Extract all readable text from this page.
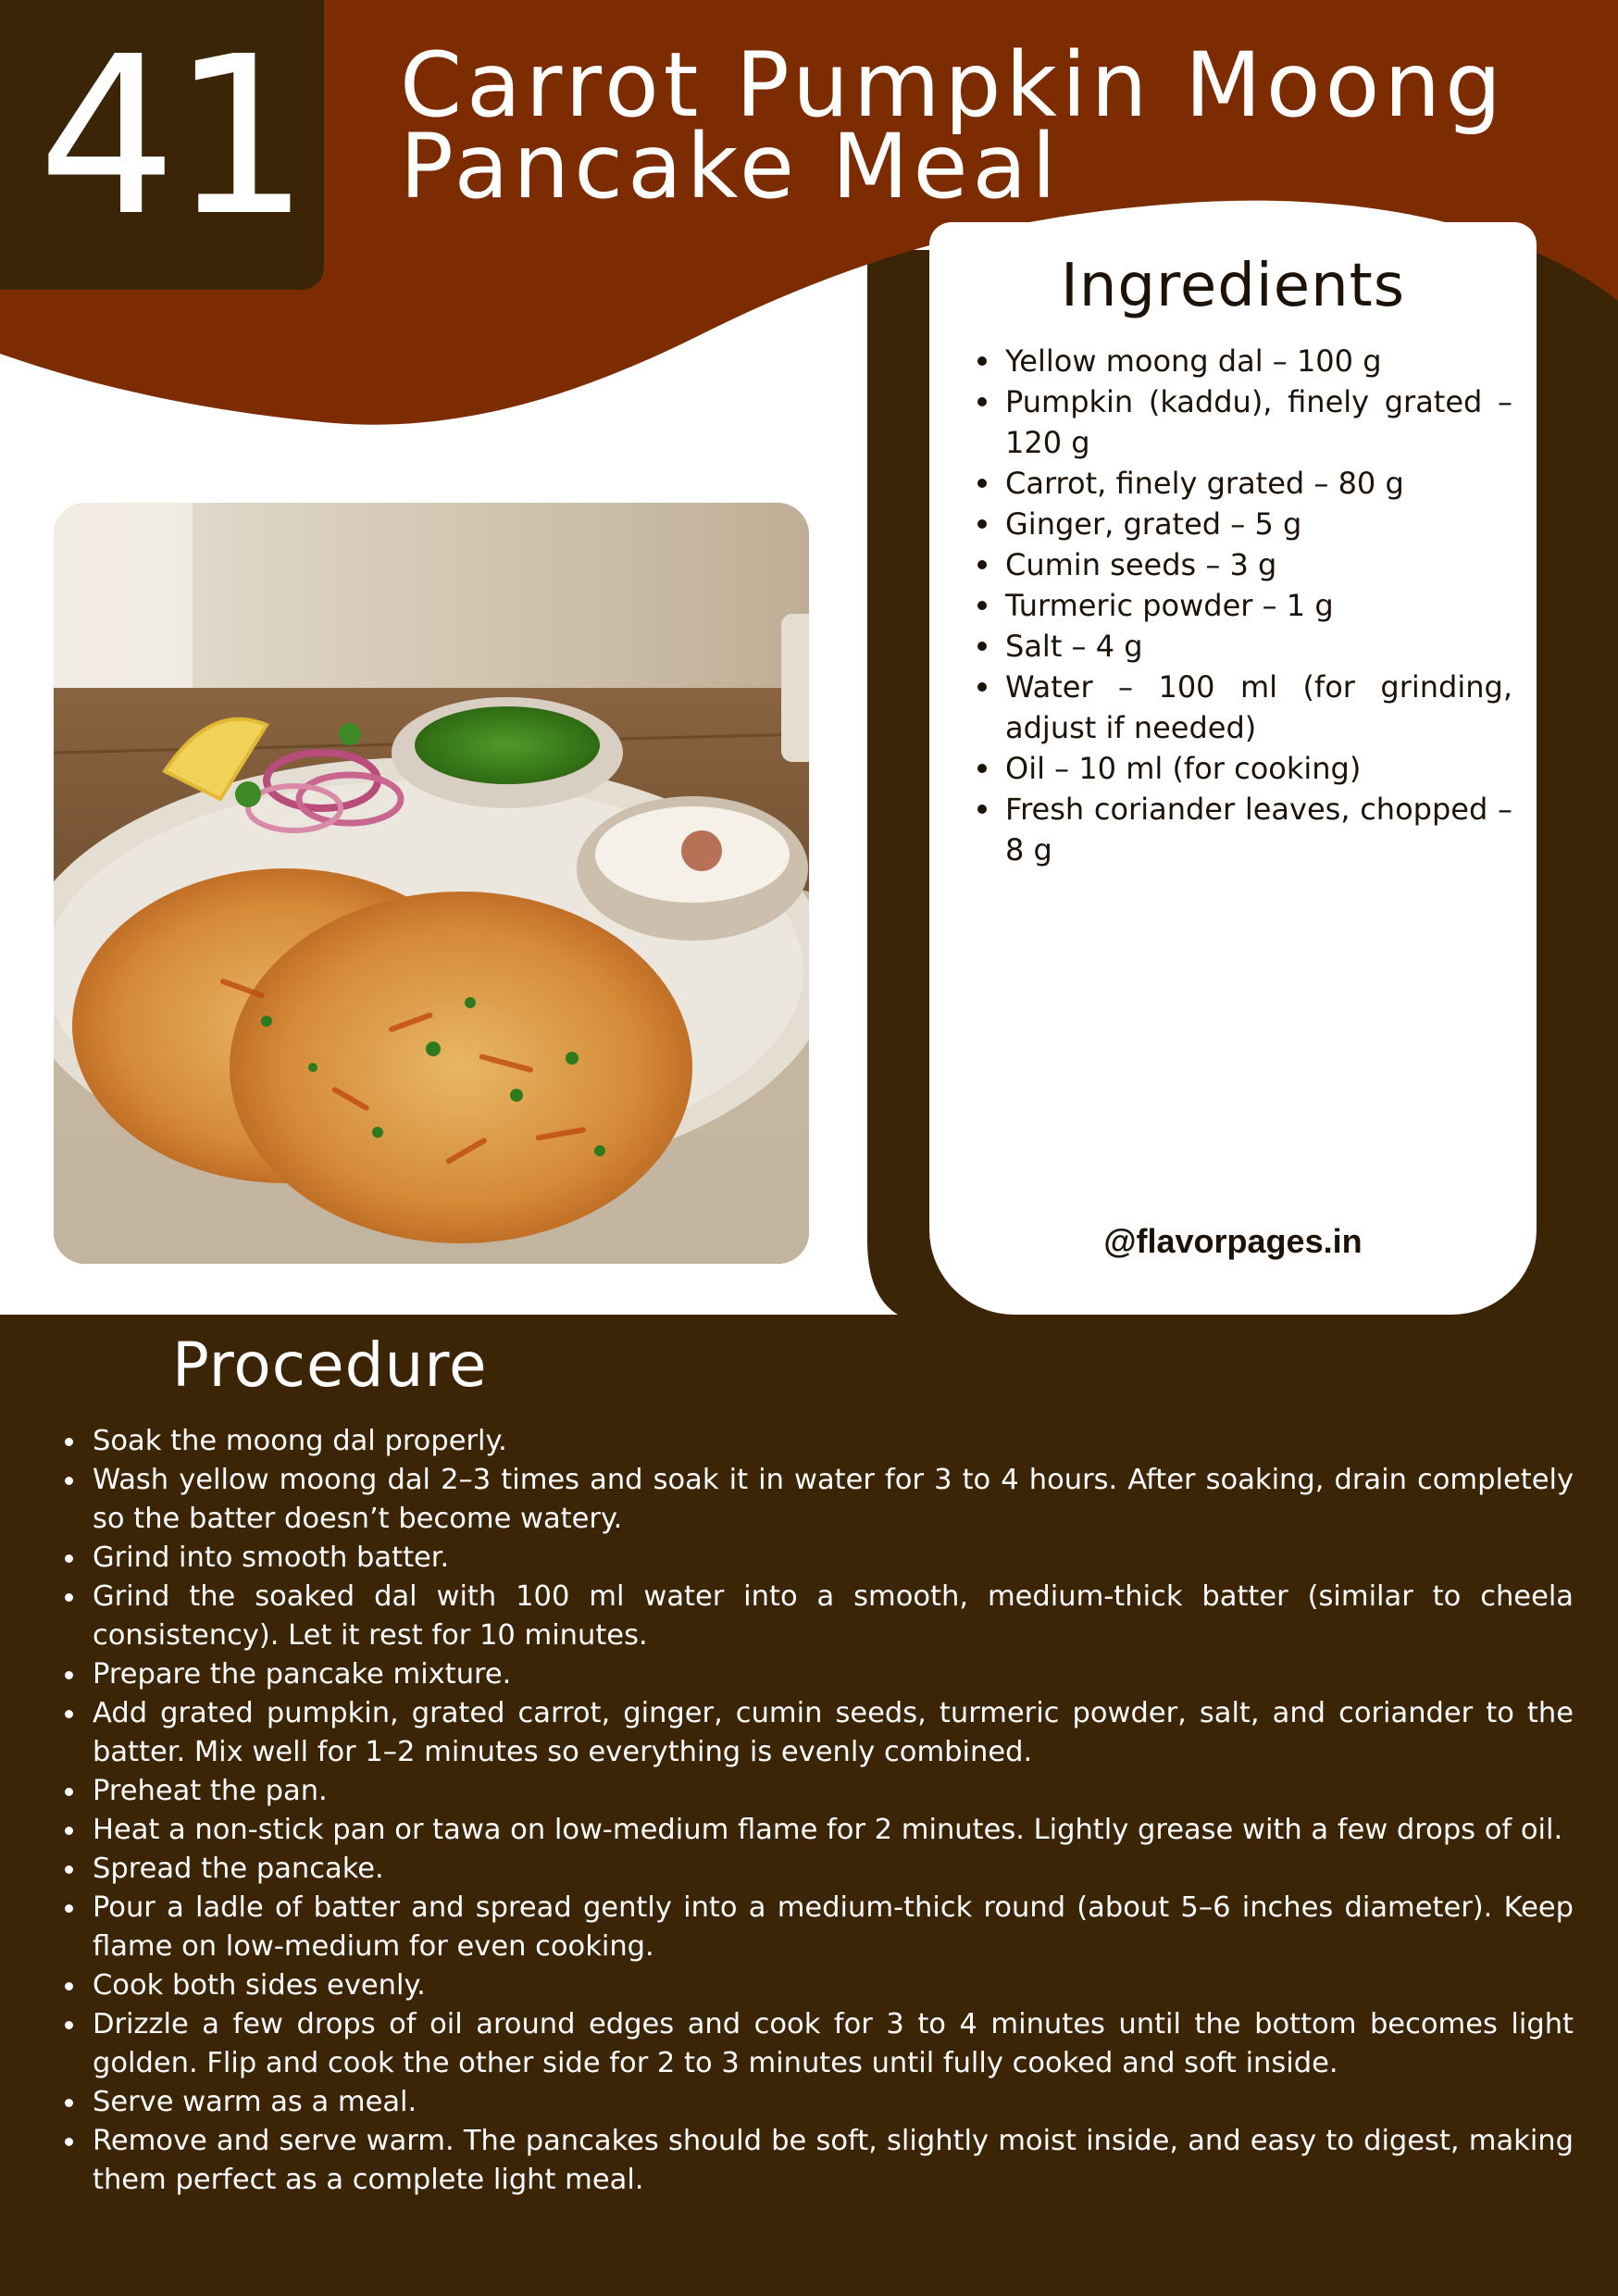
41	Carrot Pumpkin Moong
Pancake Meal
Ingredients
Yellow moong dal – 100 g
Pumpkin (kaddu), finely grated – 120 g
Carrot, finely grated – 80 g
Ginger, grated – 5 g
Cumin seeds – 3 g
Turmeric powder – 1 g
Salt – 4 g
Water – 100 ml (for grinding, adjust if needed)
Oil – 10 ml (for cooking)
Fresh coriander leaves, chopped – 8 g
@flavorpages.in
Procedure
Soak the moong dal properly.
Wash yellow moong dal 2–3 times and soak it in water for 3 to 4 hours. After soaking, drain completely so the batter doesn’t become watery.
Grind into smooth batter.
Grind the soaked dal with 100 ml water into a smooth, medium-thick batter (similar to cheela consistency). Let it rest for 10 minutes.
Prepare the pancake mixture.
Add grated pumpkin, grated carrot, ginger, cumin seeds, turmeric powder, salt, and coriander to the batter. Mix well for 1–2 minutes so everything is evenly combined.
Preheat the pan.
Heat a non-stick pan or tawa on low-medium flame for 2 minutes. Lightly grease with a few drops of oil.
Spread the pancake.
Pour a ladle of batter and spread gently into a medium-thick round (about 5–6 inches diameter). Keep flame on low-medium for even cooking.
Cook both sides evenly.
Drizzle a few drops of oil around edges and cook for 3 to 4 minutes until the bottom becomes light golden. Flip and cook the other side for 2 to 3 minutes until fully cooked and soft inside.
Serve warm as a meal.
Remove and serve warm. The pancakes should be soft, slightly moist inside, and easy to digest, making them perfect as a complete light meal.
